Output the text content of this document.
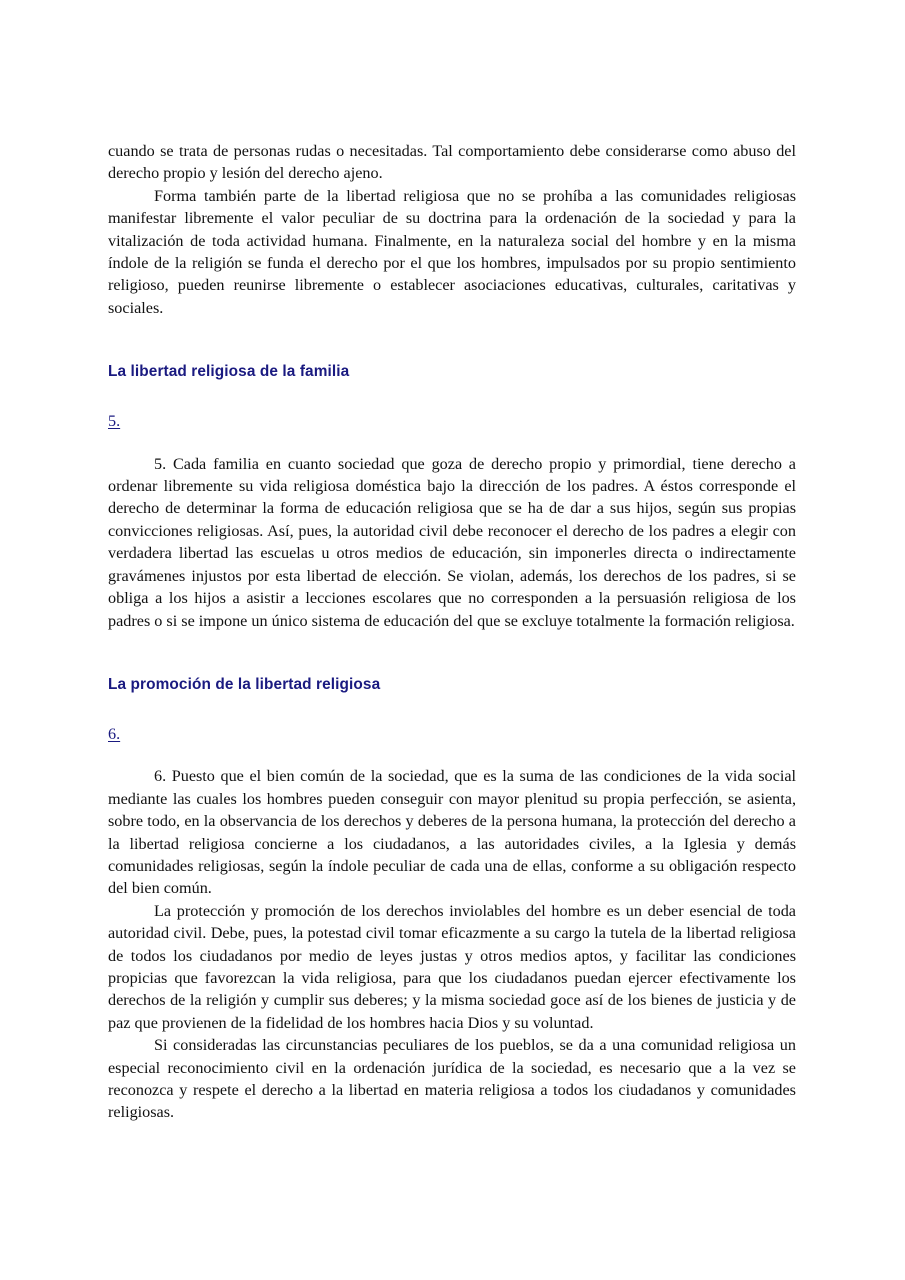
cuando se trata de personas rudas o necesitadas. Tal comportamiento debe considerarse como abuso del derecho propio y lesión del derecho ajeno.

Forma también parte de la libertad religiosa que no se prohíba a las comunidades religiosas manifestar libremente el valor peculiar de su doctrina para la ordenación de la sociedad y para la vitalización de toda actividad humana. Finalmente, en la naturaleza social del hombre y en la misma índole de la religión se funda el derecho por el que los hombres, impulsados por su propio sentimiento religioso, pueden reunirse libremente o establecer asociaciones educativas, culturales, caritativas y sociales.

La libertad religiosa de la familia
5.

5. Cada familia en cuanto sociedad que goza de derecho propio y primordial, tiene derecho a ordenar libremente su vida religiosa doméstica bajo la dirección de los padres. A éstos corresponde el derecho de determinar la forma de educación religiosa que se ha de dar a sus hijos, según sus propias convicciones religiosas. Así, pues, la autoridad civil debe reconocer el derecho de los padres a elegir con verdadera libertad las escuelas u otros medios de educación, sin imponerles directa o indirectamente gravámenes injustos por esta libertad de elección. Se violan, además, los derechos de los padres, si se obliga a los hijos a asistir a lecciones escolares que no corresponden a la persuasión religiosa de los padres o si se impone un único sistema de educación del que se excluye totalmente la formación religiosa.

La promoción de la libertad religiosa
6.

6. Puesto que el bien común de la sociedad, que es la suma de las condiciones de la vida social mediante las cuales los hombres pueden conseguir con mayor plenitud su propia perfección, se asienta, sobre todo, en la observancia de los derechos y deberes de la persona humana, la protección del derecho a la libertad religiosa concierne a los ciudadanos, a las autoridades civiles, a la Iglesia y demás comunidades religiosas, según la índole peculiar de cada una de ellas, conforme a su obligación respecto del bien común.

La protección y promoción de los derechos inviolables del hombre es un deber esencial de toda autoridad civil. Debe, pues, la potestad civil tomar eficazmente a su cargo la tutela de la libertad religiosa de todos los ciudadanos por medio de leyes justas y otros medios aptos, y facilitar las condiciones propicias que favorezcan la vida religiosa, para que los ciudadanos puedan ejercer efectivamente los derechos de la religión y cumplir sus deberes; y la misma sociedad goce así de los bienes de justicia y de paz que provienen de la fidelidad de los hombres hacia Dios y su voluntad.

Si consideradas las circunstancias peculiares de los pueblos, se da a una comunidad religiosa un especial reconocimiento civil en la ordenación jurídica de la sociedad, es necesario que a la vez se reconozca y respete el derecho a la libertad en materia religiosa a todos los ciudadanos y comunidades religiosas.
